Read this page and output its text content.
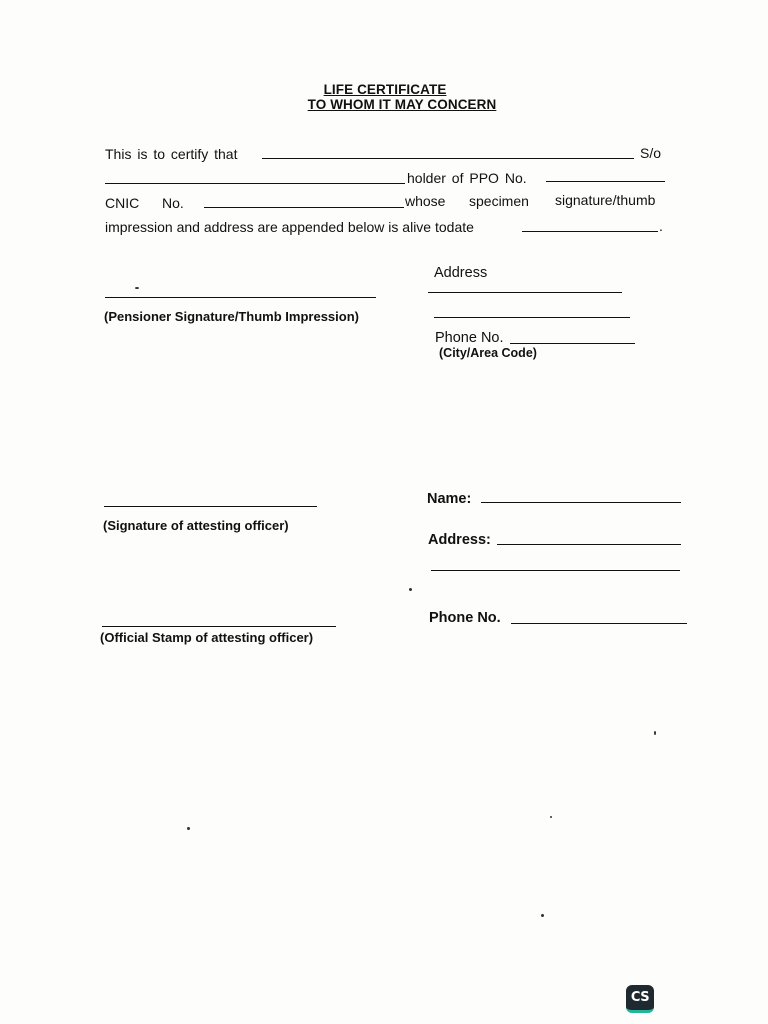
LIFE CERTIFICATE
TO WHOM IT MAY CONCERN
This is to certify that	S/o
holder of PPO No.
CNIC No.	whose specimen signature/thumb
impression and address are appended below is alive todate	.
(Pensioner Signature/Thumb Impression)
Address
Phone No.
(City/Area Code)
(Signature of attesting officer)
(Official Stamp of attesting officer)
Name:
Address:
Phone No.
CS
